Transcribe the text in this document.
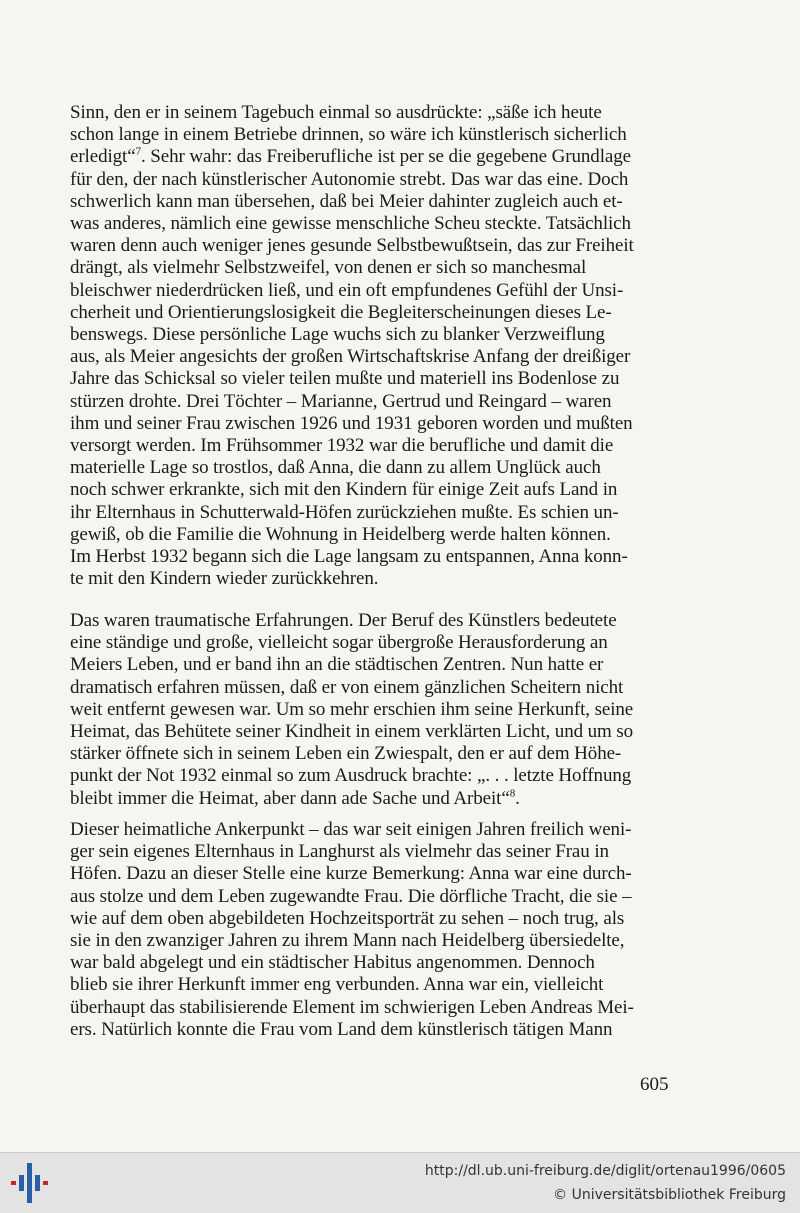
Sinn, den er in seinem Tagebuch einmal so ausdrückte: „säße ich heute
schon lange in einem Betriebe drinnen, so wäre ich künstlerisch sicherlich
erledigt“$^7$. Sehr wahr: das Freiberufliche ist per se die gegebene Grundlage
für den, der nach künstlerischer Autonomie strebt. Das war das eine. Doch
schwerlich kann man übersehen, daß bei Meier dahinter zugleich auch et-
was anderes, nämlich eine gewisse menschliche Scheu steckte. Tatsächlich
waren denn auch weniger jenes gesunde Selbstbewußtsein, das zur Freiheit
drängt, als vielmehr Selbstzweifel, von denen er sich so manchesmal
bleischwer niederdrücken ließ, und ein oft empfundenes Gefühl der Unsi-
cherheit und Orientierungslosigkeit die Begleiterscheinungen dieses Le-
benswegs. Diese persönliche Lage wuchs sich zu blanker Verzweiflung
aus, als Meier angesichts der großen Wirtschaftskrise Anfang der dreißiger
Jahre das Schicksal so vieler teilen mußte und materiell ins Bodenlose zu
stürzen drohte. Drei Töchter – Marianne, Gertrud und Reingard – waren
ihm und seiner Frau zwischen 1926 und 1931 geboren worden und mußten
versorgt werden. Im Frühsommer 1932 war die berufliche und damit die
materielle Lage so trostlos, daß Anna, die dann zu allem Unglück auch
noch schwer erkrankte, sich mit den Kindern für einige Zeit aufs Land in
ihr Elternhaus in Schutterwald-Höfen zurückziehen mußte. Es schien un-
gewiß, ob die Familie die Wohnung in Heidelberg werde halten können.
Im Herbst 1932 begann sich die Lage langsam zu entspannen, Anna konn-
te mit den Kindern wieder zurückkehren.

Das waren traumatische Erfahrungen. Der Beruf des Künstlers bedeutete
eine ständige und große, vielleicht sogar übergroße Herausforderung an
Meiers Leben, und er band ihn an die städtischen Zentren. Nun hatte er
dramatisch erfahren müssen, daß er von einem gänzlichen Scheitern nicht
weit entfernt gewesen war. Um so mehr erschien ihm seine Herkunft, seine
Heimat, das Behütete seiner Kindheit in einem verklärten Licht, und um so
stärker öffnete sich in seinem Leben ein Zwiespalt, den er auf dem Höhe-
punkt der Not 1932 einmal so zum Ausdruck brachte: „. . . letzte Hoffnung
bleibt immer die Heimat, aber dann ade Sache und Arbeit“$^8$.

Dieser heimatliche Ankerpunkt – das war seit einigen Jahren freilich weni-
ger sein eigenes Elternhaus in Langhurst als vielmehr das seiner Frau in
Höfen. Dazu an dieser Stelle eine kurze Bemerkung: Anna war eine durch-
aus stolze und dem Leben zugewandte Frau. Die dörfliche Tracht, die sie –
wie auf dem oben abgebildeten Hochzeitsporträt zu sehen – noch trug, als
sie in den zwanziger Jahren zu ihrem Mann nach Heidelberg übersiedelte,
war bald abgelegt und ein städtischer Habitus angenommen. Dennoch
blieb sie ihrer Herkunft immer eng verbunden. Anna war ein, vielleicht
überhaupt das stabilisierende Element im schwierigen Leben Andreas Mei-
ers. Natürlich konnte die Frau vom Land dem künstlerisch tätigen Mann

605
http://dl.ub.uni-freiburg.de/diglit/ortenau1996/0605
© Universitätsbibliothek Freiburg
